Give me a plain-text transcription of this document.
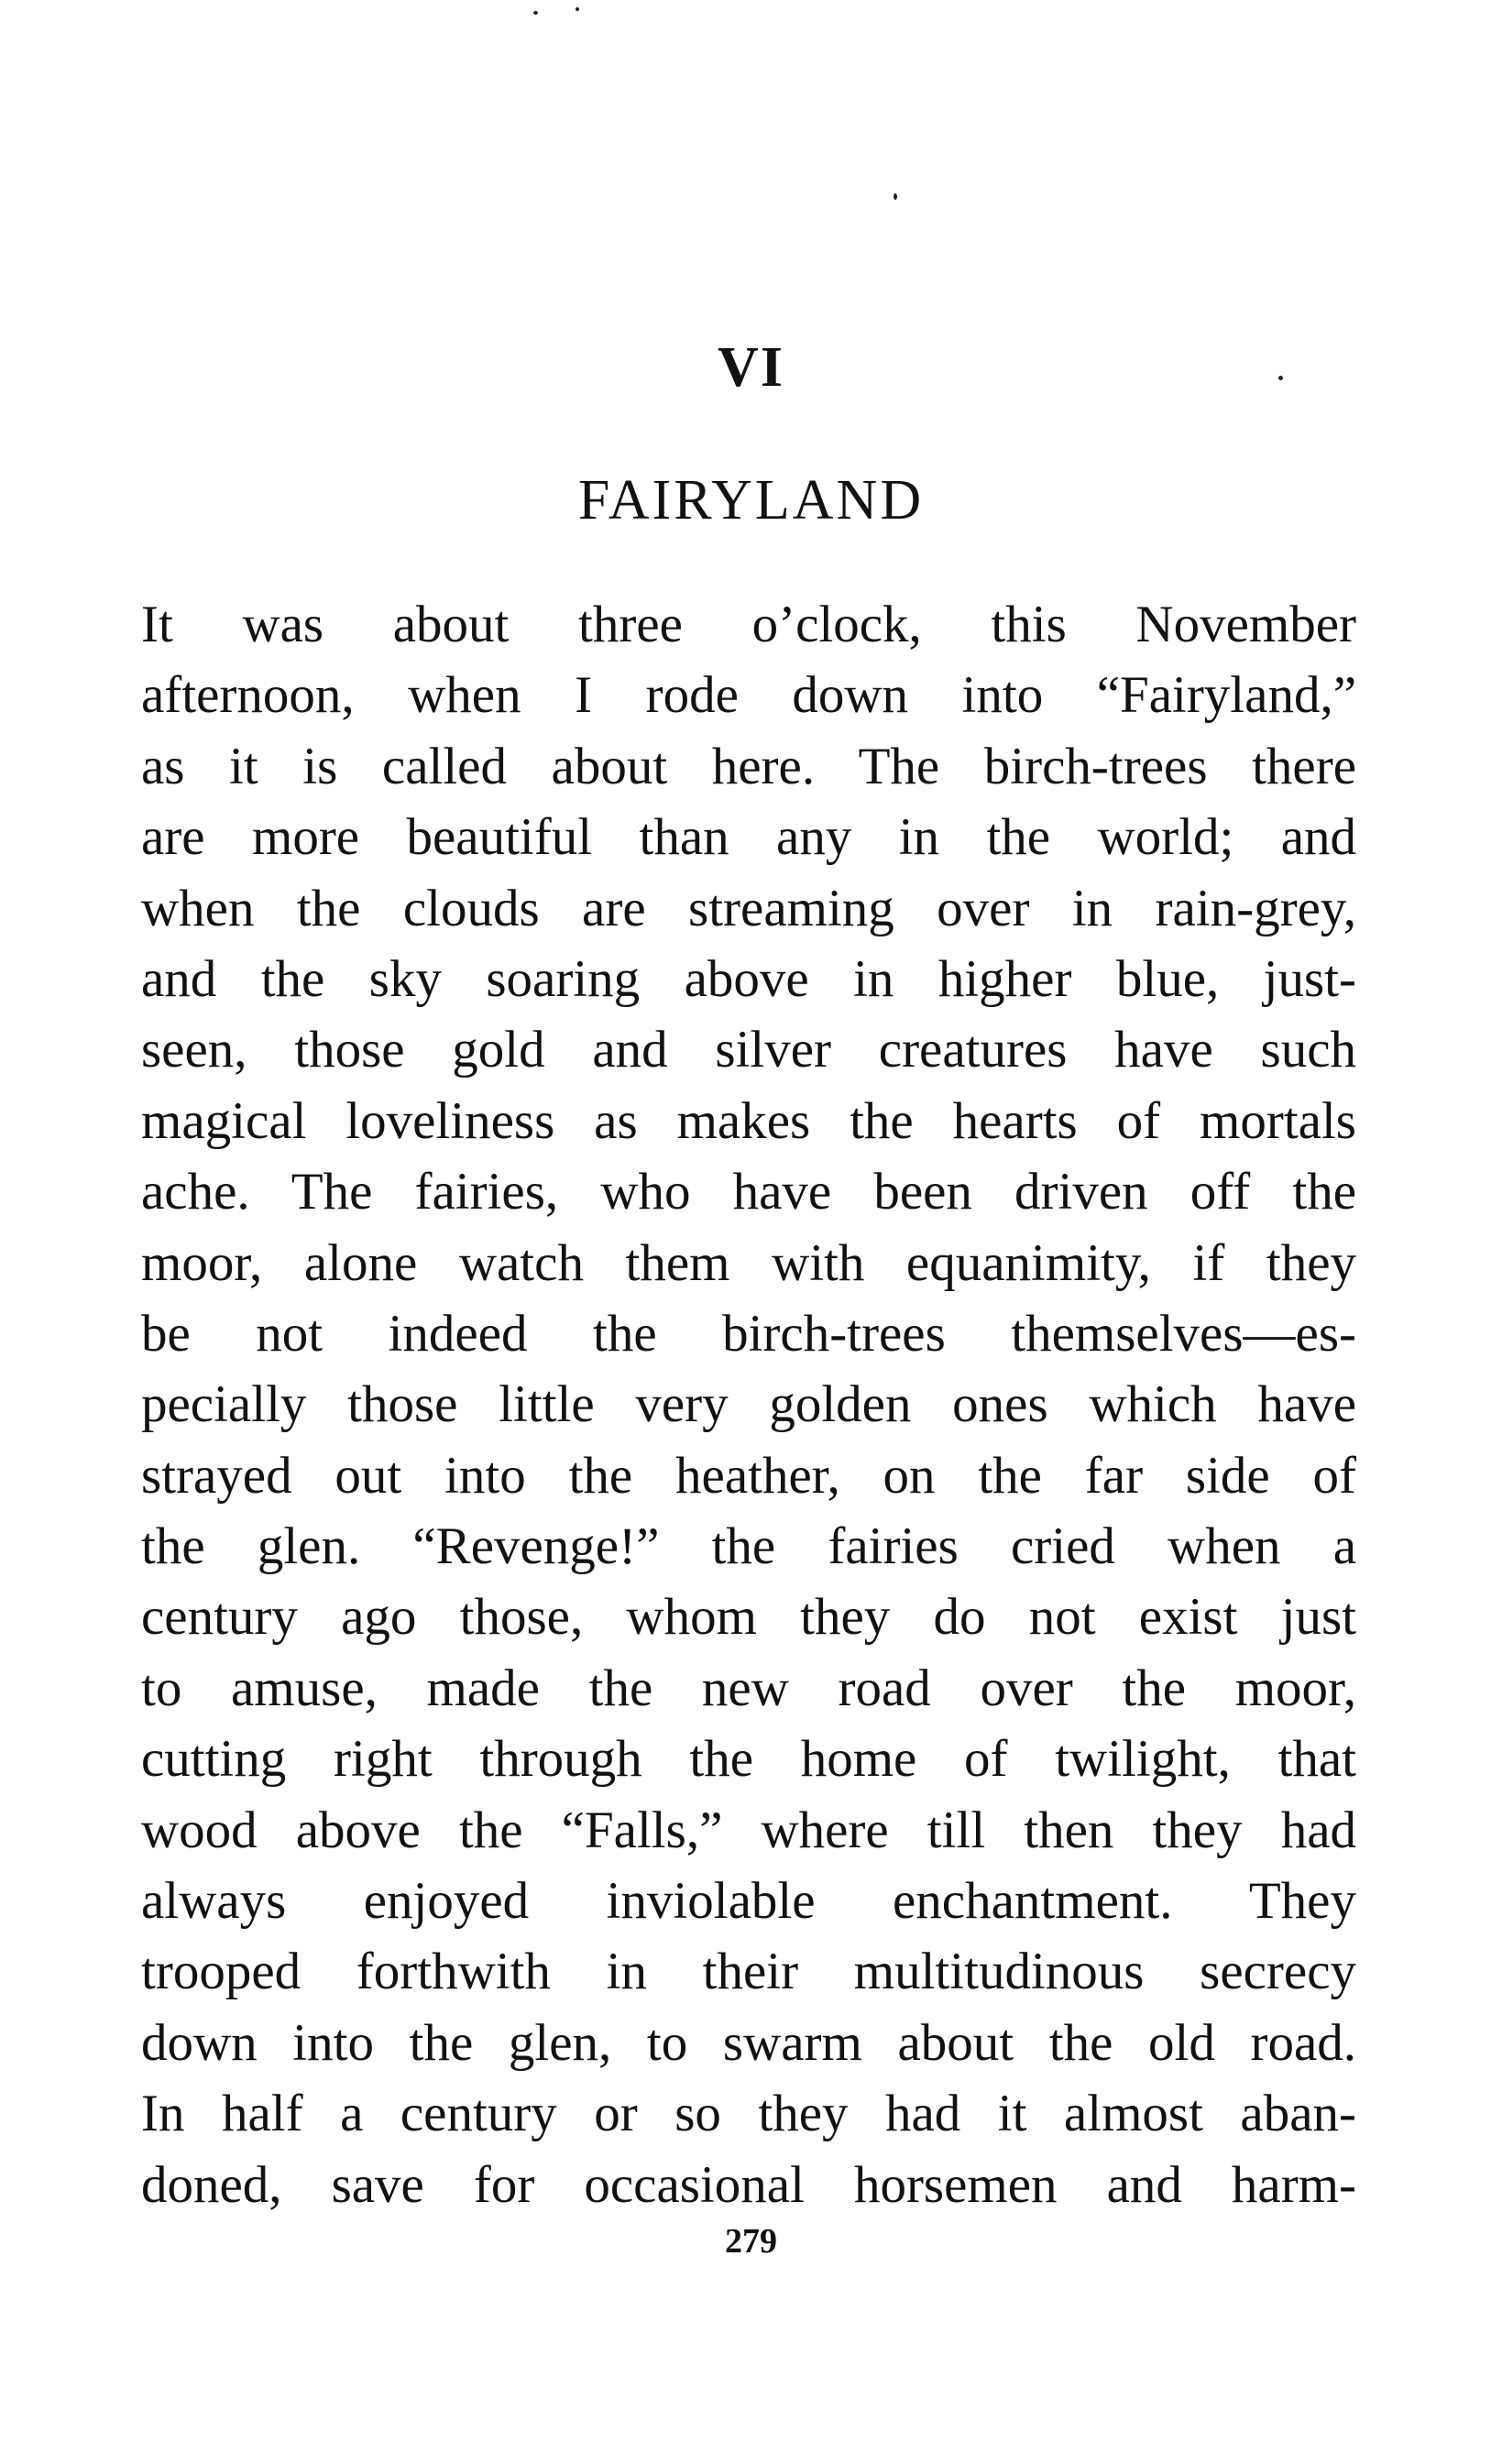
VI
FAIRYLAND
It was about three o’clock, this November
afternoon, when I rode down into “Fairyland,”
as it is called about here. The birch-trees there
are more beautiful than any in the world; and
when the clouds are streaming over in rain-grey,
and the sky soaring above in higher blue, just-
seen, those gold and silver creatures have such
magical loveliness as makes the hearts of mortals
ache. The fairies, who have been driven off the
moor, alone watch them with equanimity, if they
be not indeed the birch-trees themselves—es-
pecially those little very golden ones which have
strayed out into the heather, on the far side of
the glen. “Revenge!” the fairies cried when a
century ago those, whom they do not exist just
to amuse, made the new road over the moor,
cutting right through the home of twilight, that
wood above the “Falls,” where till then they had
always enjoyed inviolable enchantment. They
trooped forthwith in their multitudinous secrecy
down into the glen, to swarm about the old road.
In half a century or so they had it almost aban-
doned, save for occasional horsemen and harm-
279
